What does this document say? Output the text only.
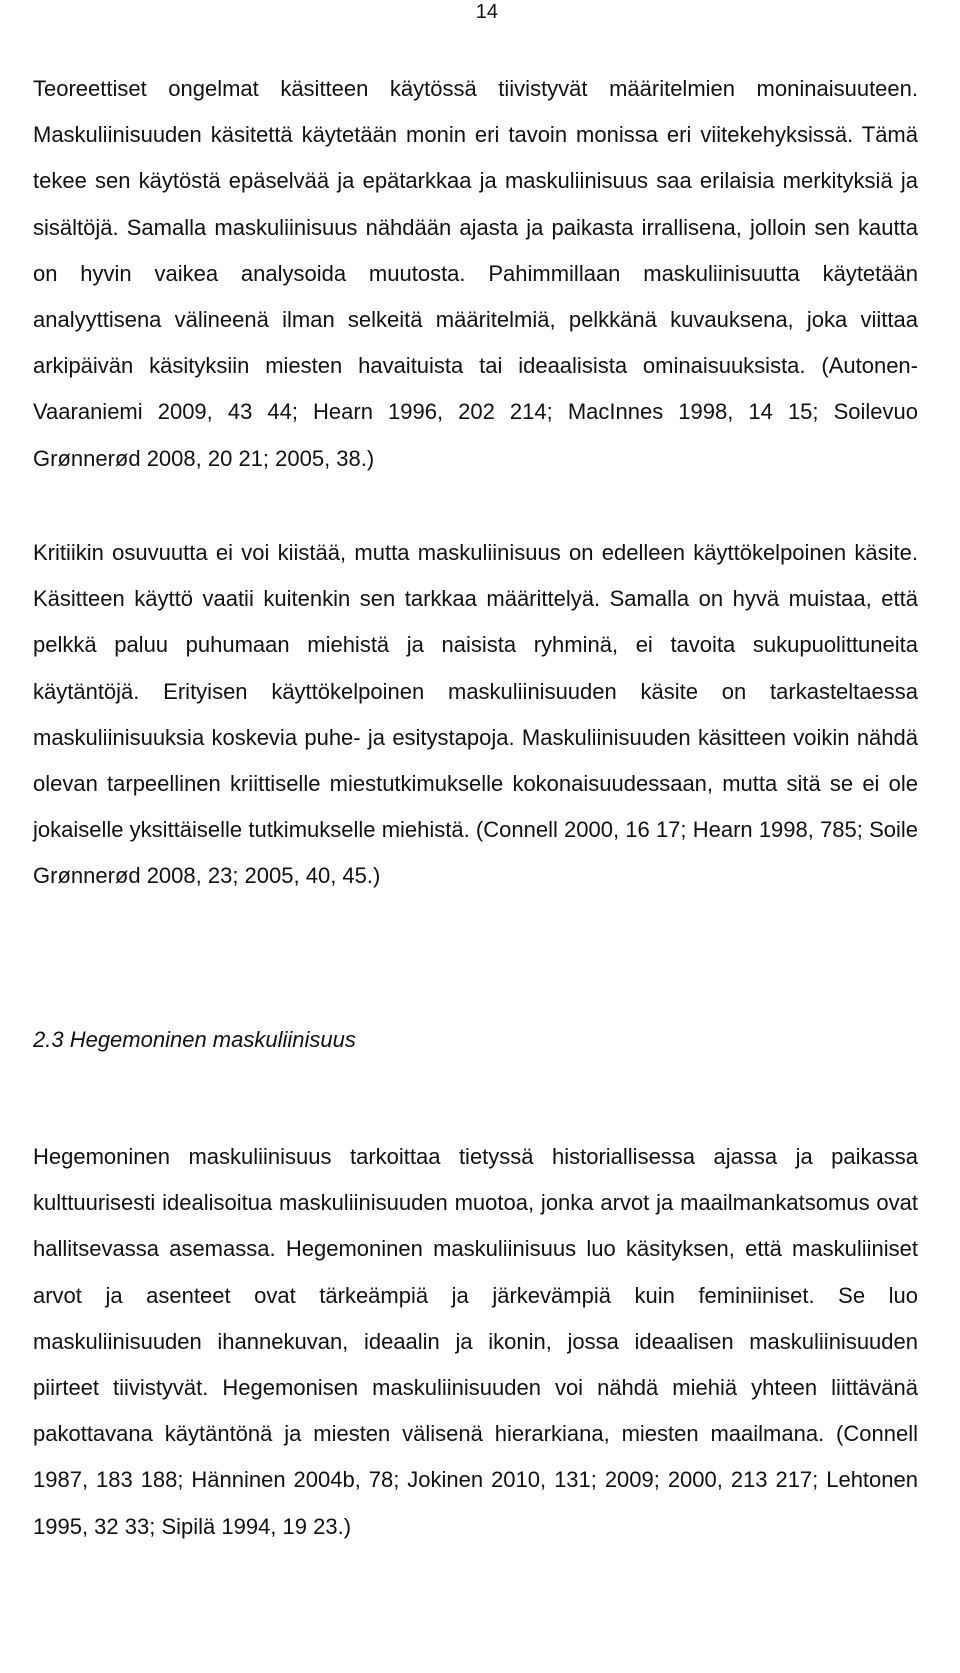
14

Teoreettiset ongelmat käsitteen käytössä tiivistyvät määritelmien moninaisuuteen. Maskuliinisuuden käsitettä käytetään monin eri tavoin monissa eri viitekehyksissä. Tämä tekee sen käytöstä epäselvää ja epätarkkaa ja maskuliinisuus saa erilaisia merkityksiä ja sisältöjä. Samalla maskuliinisuus nähdään ajasta ja paikasta irrallisena, jolloin sen kautta on hyvin vaikea analysoida muutosta. Pahimmillaan maskuliinisuutta käytetään analyyttisena välineenä ilman selkeitä määritelmiä, pelkkänä kuvauksena, joka viittaa arkipäivän käsityksiin miesten havaituista tai ideaalisista ominaisuuksista. (Autonen-Vaaraniemi 2009, 43 44; Hearn 1996, 202 214; MacInnes 1998, 14 15; Soilevuo Grønnerød 2008, 20 21; 2005, 38.)

Kritiikin osuvuutta ei voi kiistää, mutta maskuliinisuus on edelleen käyttökelpoinen käsite. Käsitteen käyttö vaatii kuitenkin sen tarkkaa määrittelyä. Samalla on hyvä muistaa, että pelkkä paluu puhumaan miehistä ja naisista ryhminä, ei tavoita sukupuolittuneita käytäntöjä. Erityisen käyttökelpoinen maskuliinisuuden käsite on tarkasteltaessa maskuliinisuuksia koskevia puhe- ja esitystapoja. Maskuliinisuuden käsitteen voikin nähdä olevan tarpeellinen kriittiselle miestutkimukselle kokonaisuudessaan, mutta sitä se ei ole jokaiselle yksittäiselle tutkimukselle miehistä. (Connell 2000, 16 17; Hearn 1998, 785; Soile Grønnerød 2008, 23; 2005, 40, 45.)

2.3 Hegemoninen maskuliinisuus

Hegemoninen maskuliinisuus tarkoittaa tietyssä historiallisessa ajassa ja paikassa kulttuurisesti idealisoitua maskuliinisuuden muotoa, jonka arvot ja maailmankatsomus ovat hallitsevassa asemassa. Hegemoninen maskuliinisuus luo käsityksen, että maskuliiniset arvot ja asenteet ovat tärkeämpiä ja järkevämpiä kuin feminiiniset. Se luo maskuliinisuuden ihannekuvan, ideaalin ja ikonin, jossa ideaalisen maskuliinisuuden piirteet tiivistyvät. Hegemonisen maskuliinisuuden voi nähdä miehiä yhteen liittävänä pakottavana käytäntönä ja miesten välisenä hierarkiana, miesten maailmana. (Connell 1987, 183 188; Hänninen 2004b, 78; Jokinen 2010, 131; 2009; 2000, 213 217; Lehtonen 1995, 32 33; Sipilä 1994, 19 23.)
